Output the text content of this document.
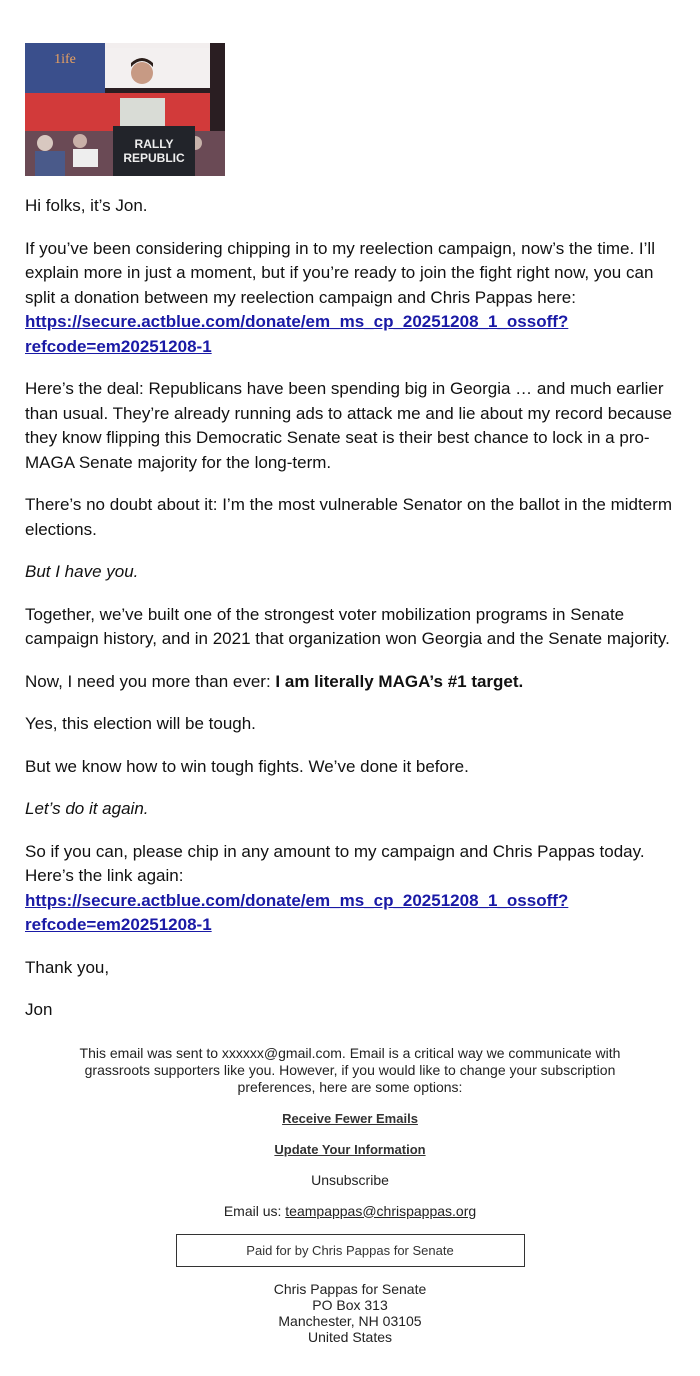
1ife
RALLY
REPUBLIC

Hi folks, it’s Jon.

If you’ve been considering chipping in to my reelection campaign, now’s the time. I’ll explain more in just a moment, but if you’re ready to join the fight right now, you can split a donation between my reelection campaign and Chris Pappas here:
https://secure.actblue.com/donate/em_ms_cp_20251208_1_ossoff?​refcode=em20251208-1

Here’s the deal: Republicans have been spending big in Georgia … and much earlier than usual. They’re already running ads to attack me and lie about my record because they know flipping this Democratic Senate seat is their best chance to lock in a pro-MAGA Senate majority for the long-term.

There’s no doubt about it: I’m the most vulnerable Senator on the ballot in the midterm elections.

But I have you.

Together, we’ve built one of the strongest voter mobilization programs in Senate campaign history, and in 2021 that organization won Georgia and the Senate majority.

Now, I need you more than ever: I am literally MAGA’s #1 target.

Yes, this election will be tough.

But we know how to win tough fights. We’ve done it before.

Let’s do it again.

So if you can, please chip in any amount to my campaign and Chris Pappas today. Here’s the link again:
https://secure.actblue.com/donate/em_ms_cp_20251208_1_ossoff?​refcode=em20251208-1

Thank you,

Jon

This email was sent to xxxxxx@gmail.com. Email is a critical way we communicate with grassroots supporters like you. However, if you would like to change your subscription preferences, here are some options:

Receive Fewer Emails

Update Your Information

Unsubscribe

Email us: teampappas@chrispappas.org

Paid for by Chris Pappas for Senate
Chris Pappas for Senate
PO Box 313
Manchester, NH 03105
United States
